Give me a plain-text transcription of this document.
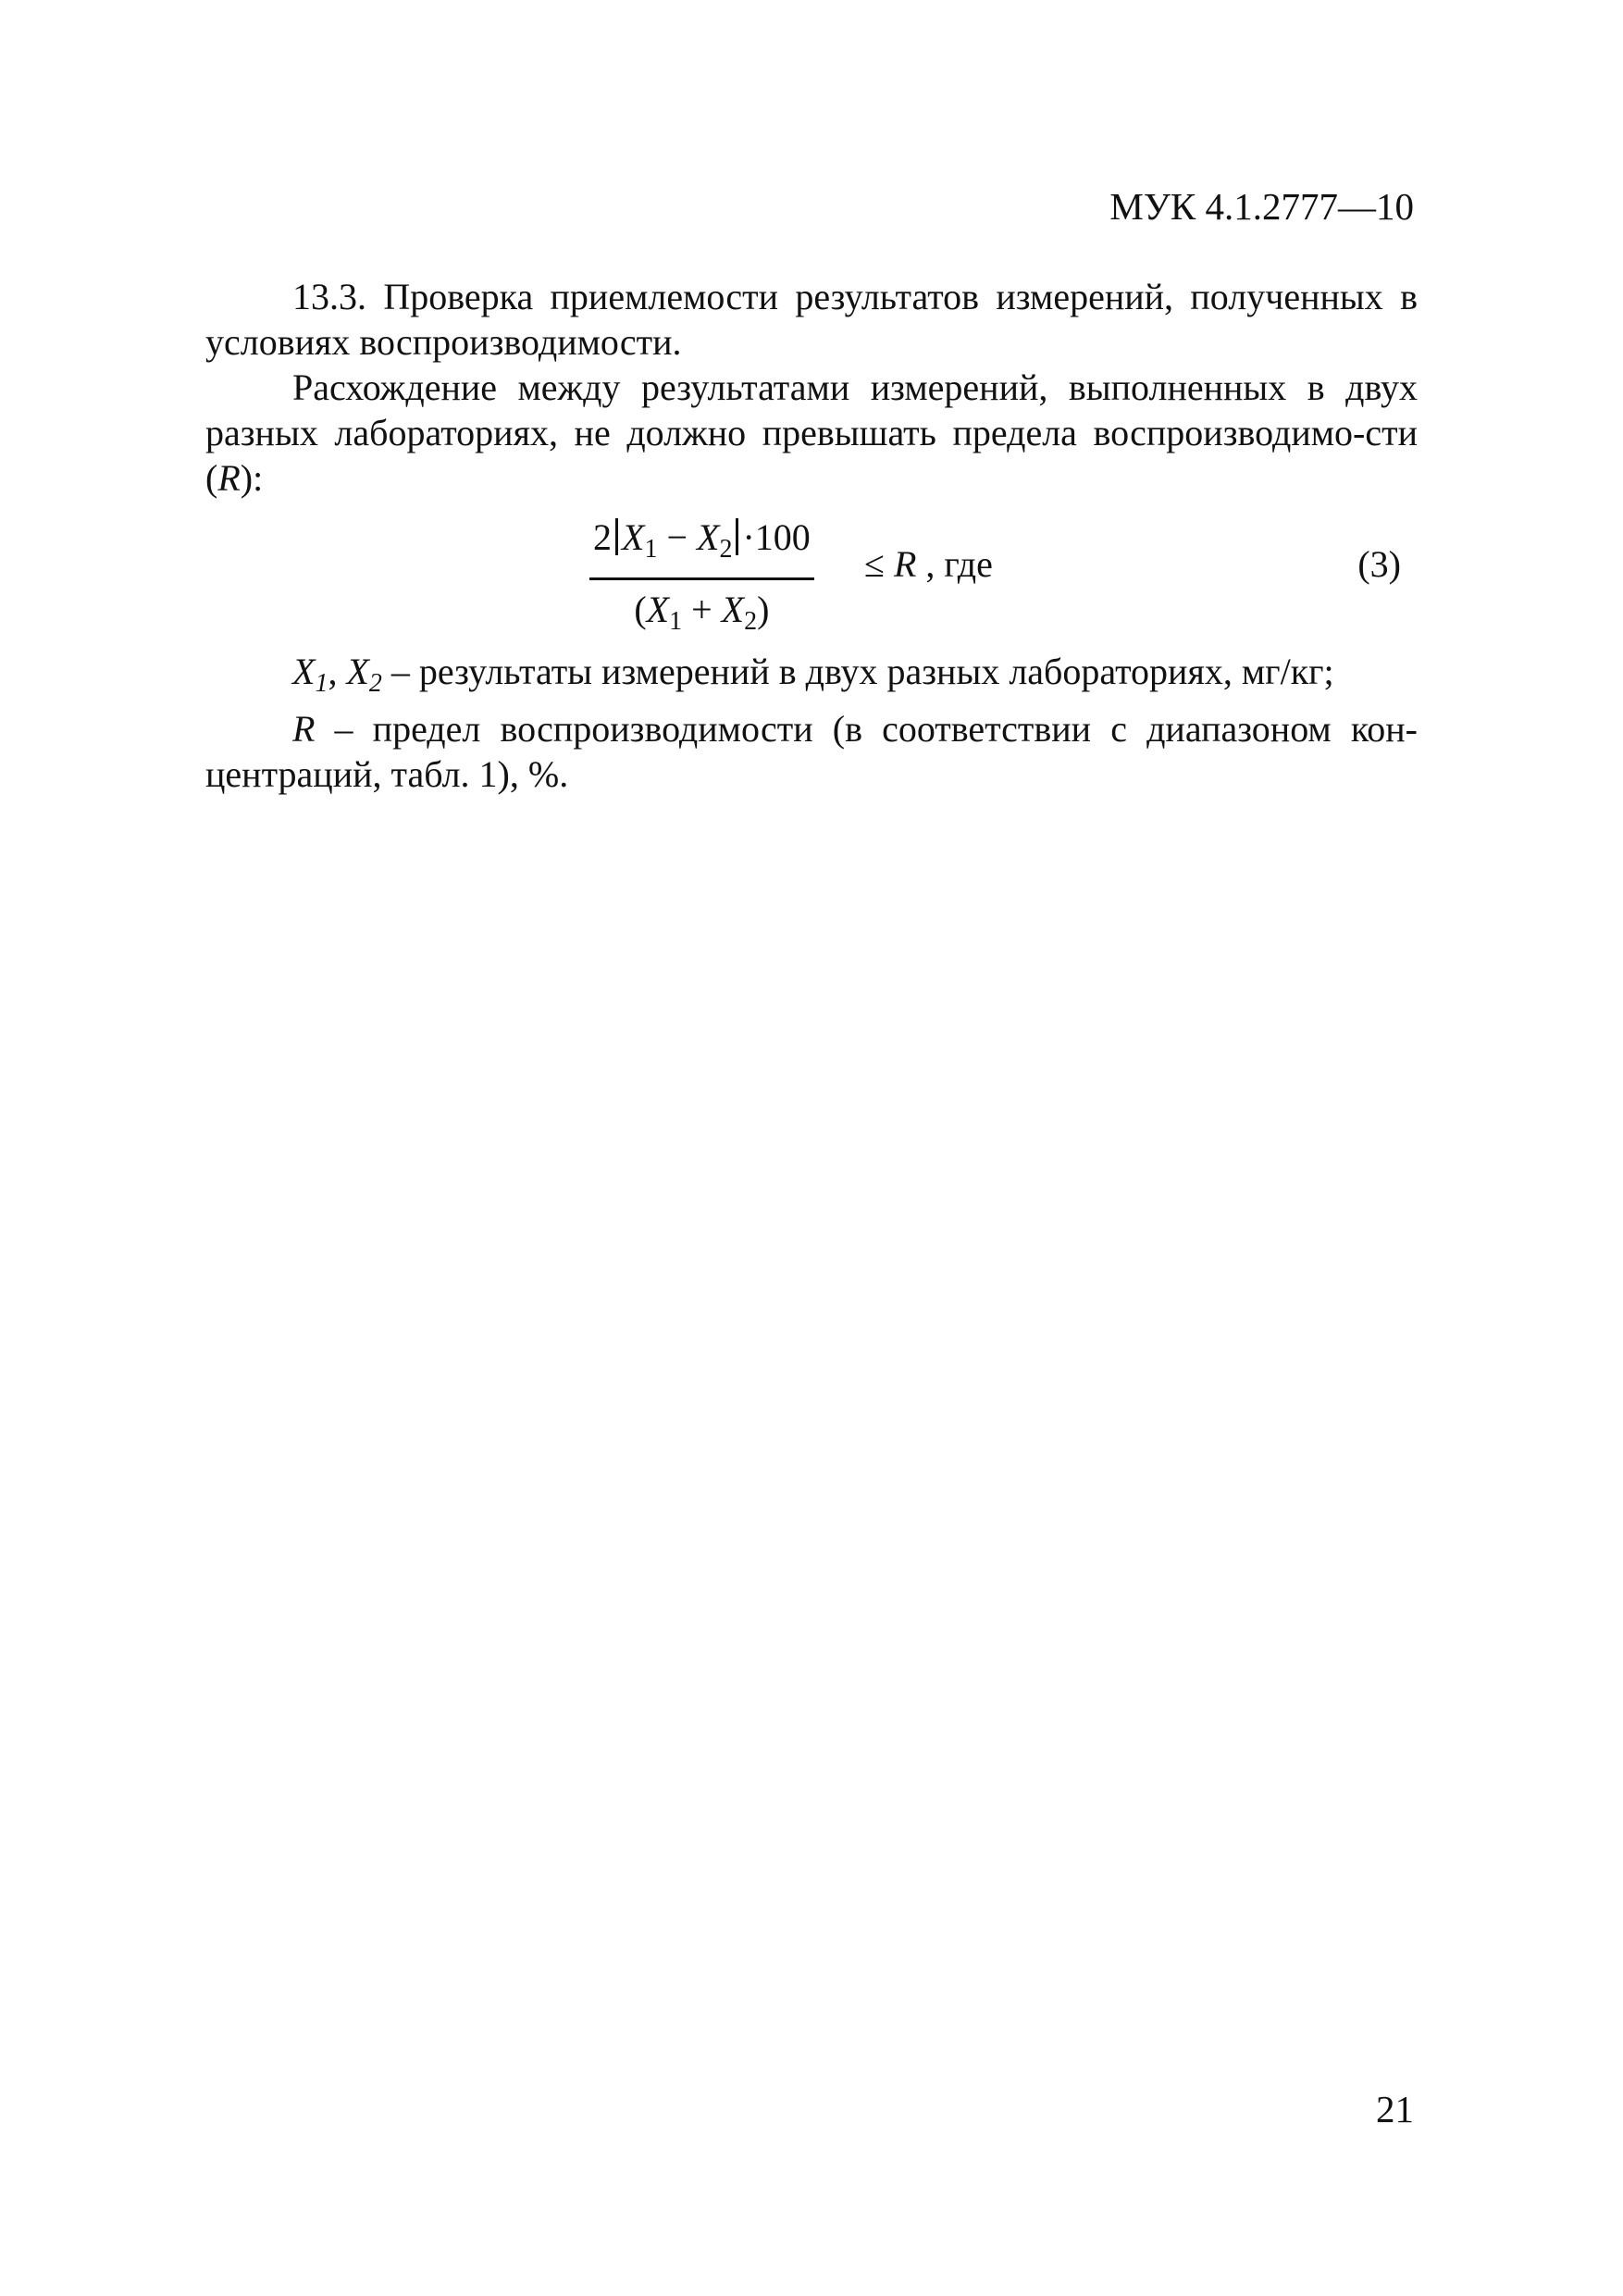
МУК 4.1.2777—10

13.3. Проверка приемлемости результатов измерений, полученных в условиях воспроизводимости.

Расхождение между результатами измерений, выполненных в двух разных лабораториях, не должно превышать предела воспроизводимо-сти (R):

2 $X_1 - X_2 \cdot 100$
$(X_1 + X_2)$
≤ R , где	(3)

$X_1$, $X_2$ – результаты измерений в двух разных лабораториях, мг/кг;

R – предел воспроизводимости (в соответствии с диапазоном кон-центраций, табл. 1), %.

21
